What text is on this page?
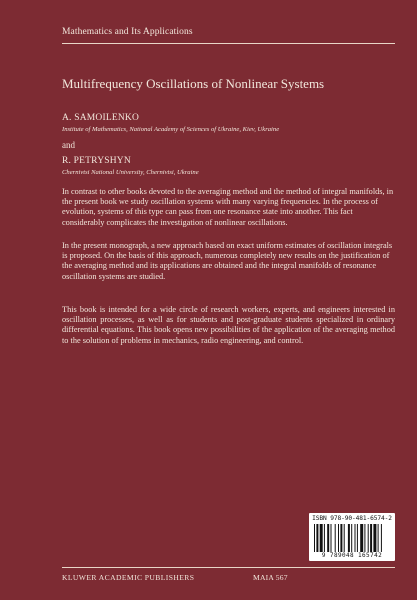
Mathematics and Its Applications
Multifrequency Oscillations of Nonlinear Systems
A. SAMOILENKO
Institute of Mathematics, National Academy of Sciences of Ukraine, Kiev, Ukraine
and
R. PETRYSHYN
Chernivtsi National University, Chernivtsi, Ukraine

In contrast to other books devoted to the averaging method and the method of integral manifolds, in the present book we study oscillation systems with many varying frequencies. In the process of evolution, systems of this type can pass from one resonance state into another. This fact considerably complicates the investigation of nonlinear oscillations.

In the present monograph, a new approach based on exact uniform estimates of oscillation integrals is proposed. On the basis of this approach, numerous completely new results on the justification of the averaging method and its applications are obtained and the integral manifolds of resonance oscillation systems are studied.

This book is intended for a wide circle of research workers, experts, and engineers interested in oscillation processes, as well as for students and post-graduate students specialized in ordinary differential equations. This book opens new possibilities of the application of the averaging method to the solution of problems in mechanics, radio engineering, and control.

ISBN 978-90-481-6574-2
9 789048 165742
KLUWER ACADEMIC PUBLISHERS	MAIA 567
